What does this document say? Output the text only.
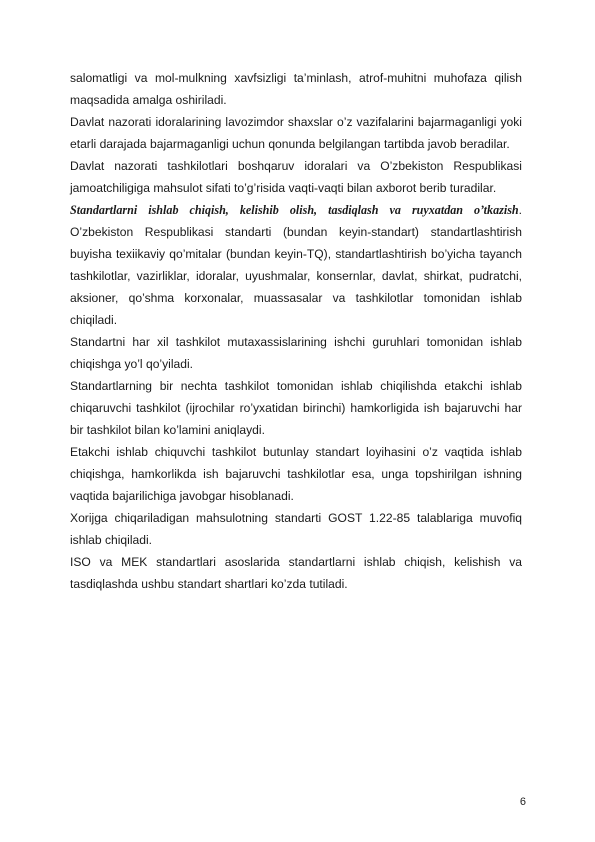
salomatligi va mol-mulkning xavfsizligi ta’minlash, atrof-muhitni muhofaza qilish maqsadida amalga oshiriladi.

Davlat nazorati idoralarining lavozimdor shaxslar o’z vazifalarini bajarmaganligi yoki etarli darajada bajarmaganligi uchun qonunda belgilangan tartibda javob beradilar.

Davlat nazorati tashkilotlari boshqaruv idoralari va O’zbekiston Respublikasi jamoatchiligiga mahsulot sifati to’g’risida vaqti-vaqti bilan axborot berib turadilar.

Standartlarni ishlab chiqish, kelishib olish, tasdiqlash va ruyxatdan o’tkazish. O’zbekiston Respublikasi standarti (bundan keyin-standart) standartlashtirish buyisha texiikaviy qo’mitalar (bundan keyin-TQ), standartlashtirish bo’yicha tayanch tashkilotlar, vazirliklar, idoralar, uyushmalar, konsernlar, davlat, shirkat, pudratchi, aksioner, qo’shma korxonalar, muassasalar va tashkilotlar tomonidan ishlab chiqiladi.

Standartni har xil tashkilot mutaxassislarining ishchi guruhlari tomonidan ishlab chiqishga yo’l qo’yiladi.

Standartlarning bir nechta tashkilot tomonidan ishlab chiqilishda etakchi ishlab chiqaruvchi tashkilot (ijrochilar ro’yxatidan birinchi) hamkorligida ish bajaruvchi har bir tashkilot bilan ko’lamini aniqlaydi.

Etakchi ishlab chiquvchi tashkilot butunlay standart loyihasini o’z vaqtida ishlab chiqishga, hamkorlikda ish bajaruvchi tashkilotlar esa, unga topshirilgan ishning vaqtida bajarilichiga javobgar hisoblanadi.

Xorijga chiqariladigan mahsulotning standarti GOST 1.22-85 talablariga muvofiq ishlab chiqiladi.

ISO va MEK standartlari asoslarida standartlarni ishlab chiqish, kelishish va tasdiqlashda ushbu standart shartlari ko’zda tutiladi.

6
